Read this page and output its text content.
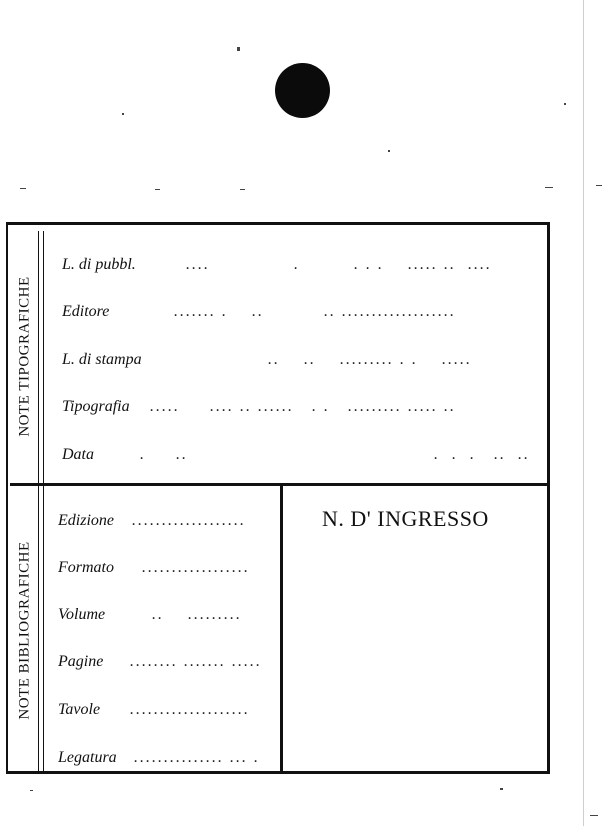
NOTE TIPOGRAFICHE
NOTE BIBLIOGRAFICHE
L. di pubbl.	....              .         . . .    ..... ..  ....
Editore	....... .    ..          .. ...................
L. di stampa	..    ..    ......... . .    .....
Tipografia .....     .... .. ......   . .   ......... ..... ..
Data	.     ..                                         .  .  .   ..  ..
Edizione ...................
Formato ..................
Volume	..    .........
Pagine ........ ....... .....
Tavole ....................
Legatura ............... ... .
N. D' INGRESSO
